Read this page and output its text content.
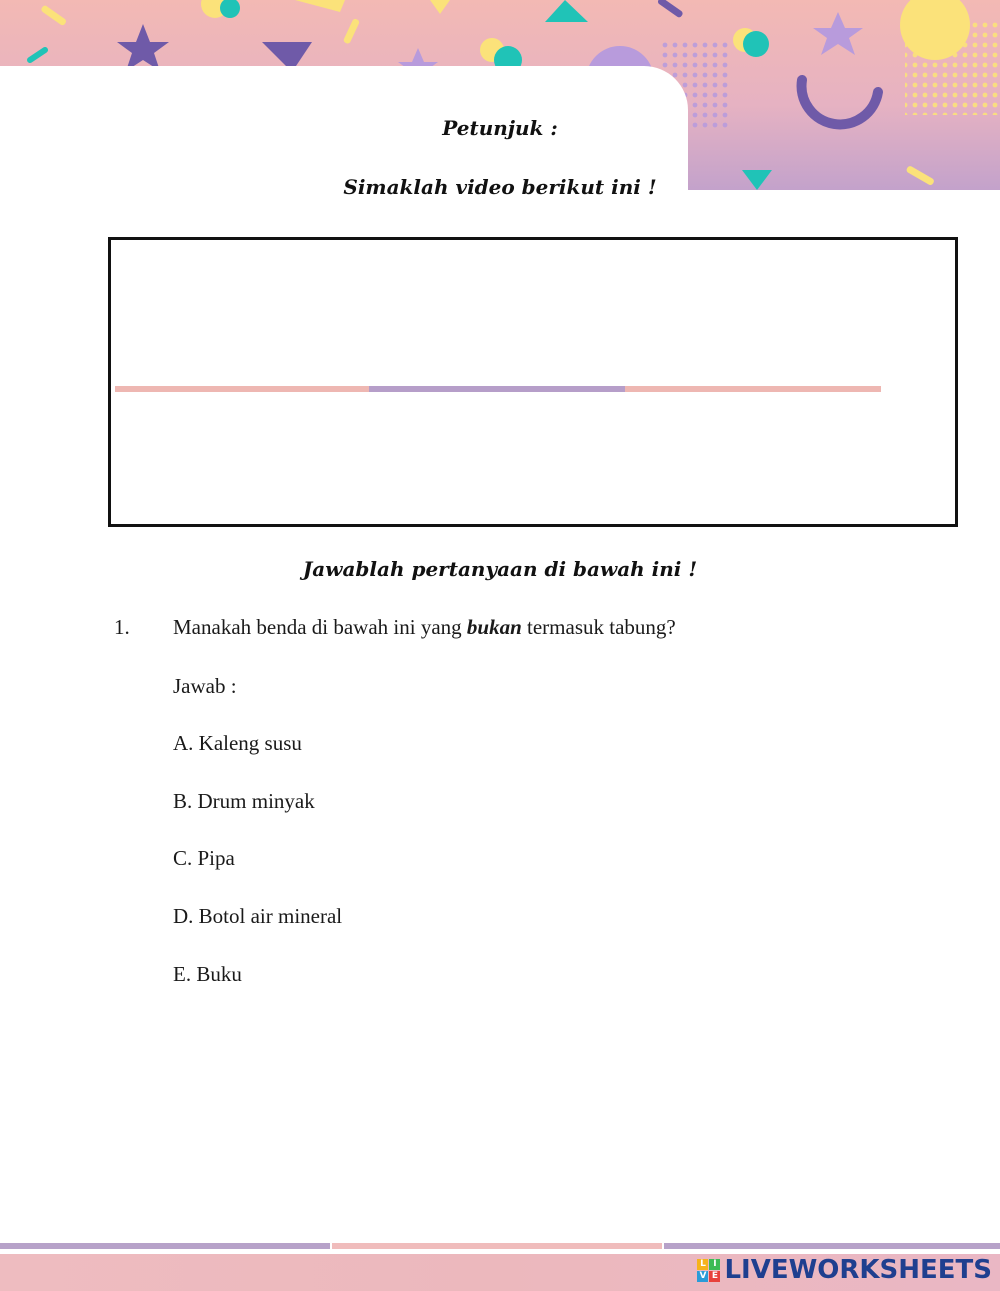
Petunjuk :
Simaklah video berikut ini !
Jawablah pertanyaan di bawah ini !
1. Manakah benda di bawah ini yang bukan termasuk tabung?
Jawab :
A. Kaleng susu
B. Drum minyak
C. Pipa
D. Botol air mineral
E. Buku
L I
V E LIVEWORKSHEETS
